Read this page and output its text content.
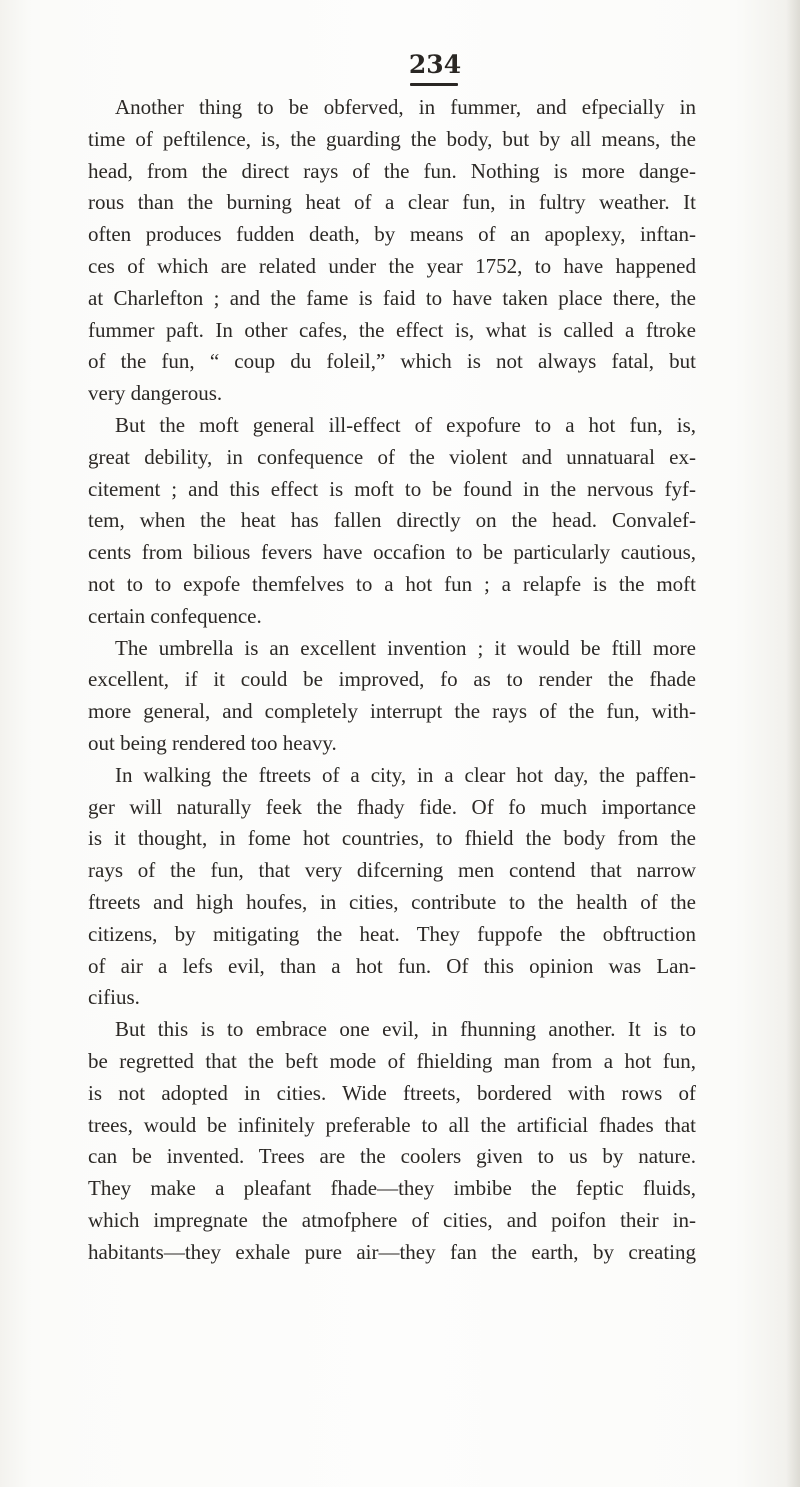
234
Another thing to be obferved, in fummer, and efpecially in
time of peftilence, is, the guarding the body, but by all means, the
head, from the direct rays of the fun. Nothing is more dange-
rous than the burning heat of a clear fun, in fultry weather. It
often produces fudden death, by means of an apoplexy, inftan-
ces of which are related under the year 1752, to have happened
at Charlefton ; and the fame is faid to have taken place there, the
fummer paft. In other cafes, the effect is, what is called a ftroke
of the fun, “ coup du foleil,” which is not always fatal, but
very dangerous.
But the moft general ill-effect of expofure to a hot fun, is,
great debility, in confequence of the violent and unnatuaral ex-
citement ; and this effect is moft to be found in the nervous fyf-
tem, when the heat has fallen directly on the head. Convalef-
cents from bilious fevers have occafion to be particularly cautious,
not to to expofe themfelves to a hot fun ; a relapfe is the moft
certain confequence.
The umbrella is an excellent invention ; it would be ftill more
excellent, if it could be improved, fo as to render the fhade
more general, and completely interrupt the rays of the fun, with-
out being rendered too heavy.
In walking the ftreets of a city, in a clear hot day, the paffen-
ger will naturally feek the fhady fide. Of fo much importance
is it thought, in fome hot countries, to fhield the body from the
rays of the fun, that very difcerning men contend that narrow
ftreets and high houfes, in cities, contribute to the health of the
citizens, by mitigating the heat. They fuppofe the obftruction
of air a lefs evil, than a hot fun. Of this opinion was Lan-
cifius.
But this is to embrace one evil, in fhunning another. It is to
be regretted that the beft mode of fhielding man from a hot fun,
is not adopted in cities. Wide ftreets, bordered with rows of
trees, would be infinitely preferable to all the artificial fhades that
can be invented. Trees are the coolers given to us by nature.
They make a pleafant fhade—they imbibe the feptic fluids,
which impregnate the atmofphere of cities, and poifon their in-
habitants—they exhale pure air—they fan the earth, by creating
